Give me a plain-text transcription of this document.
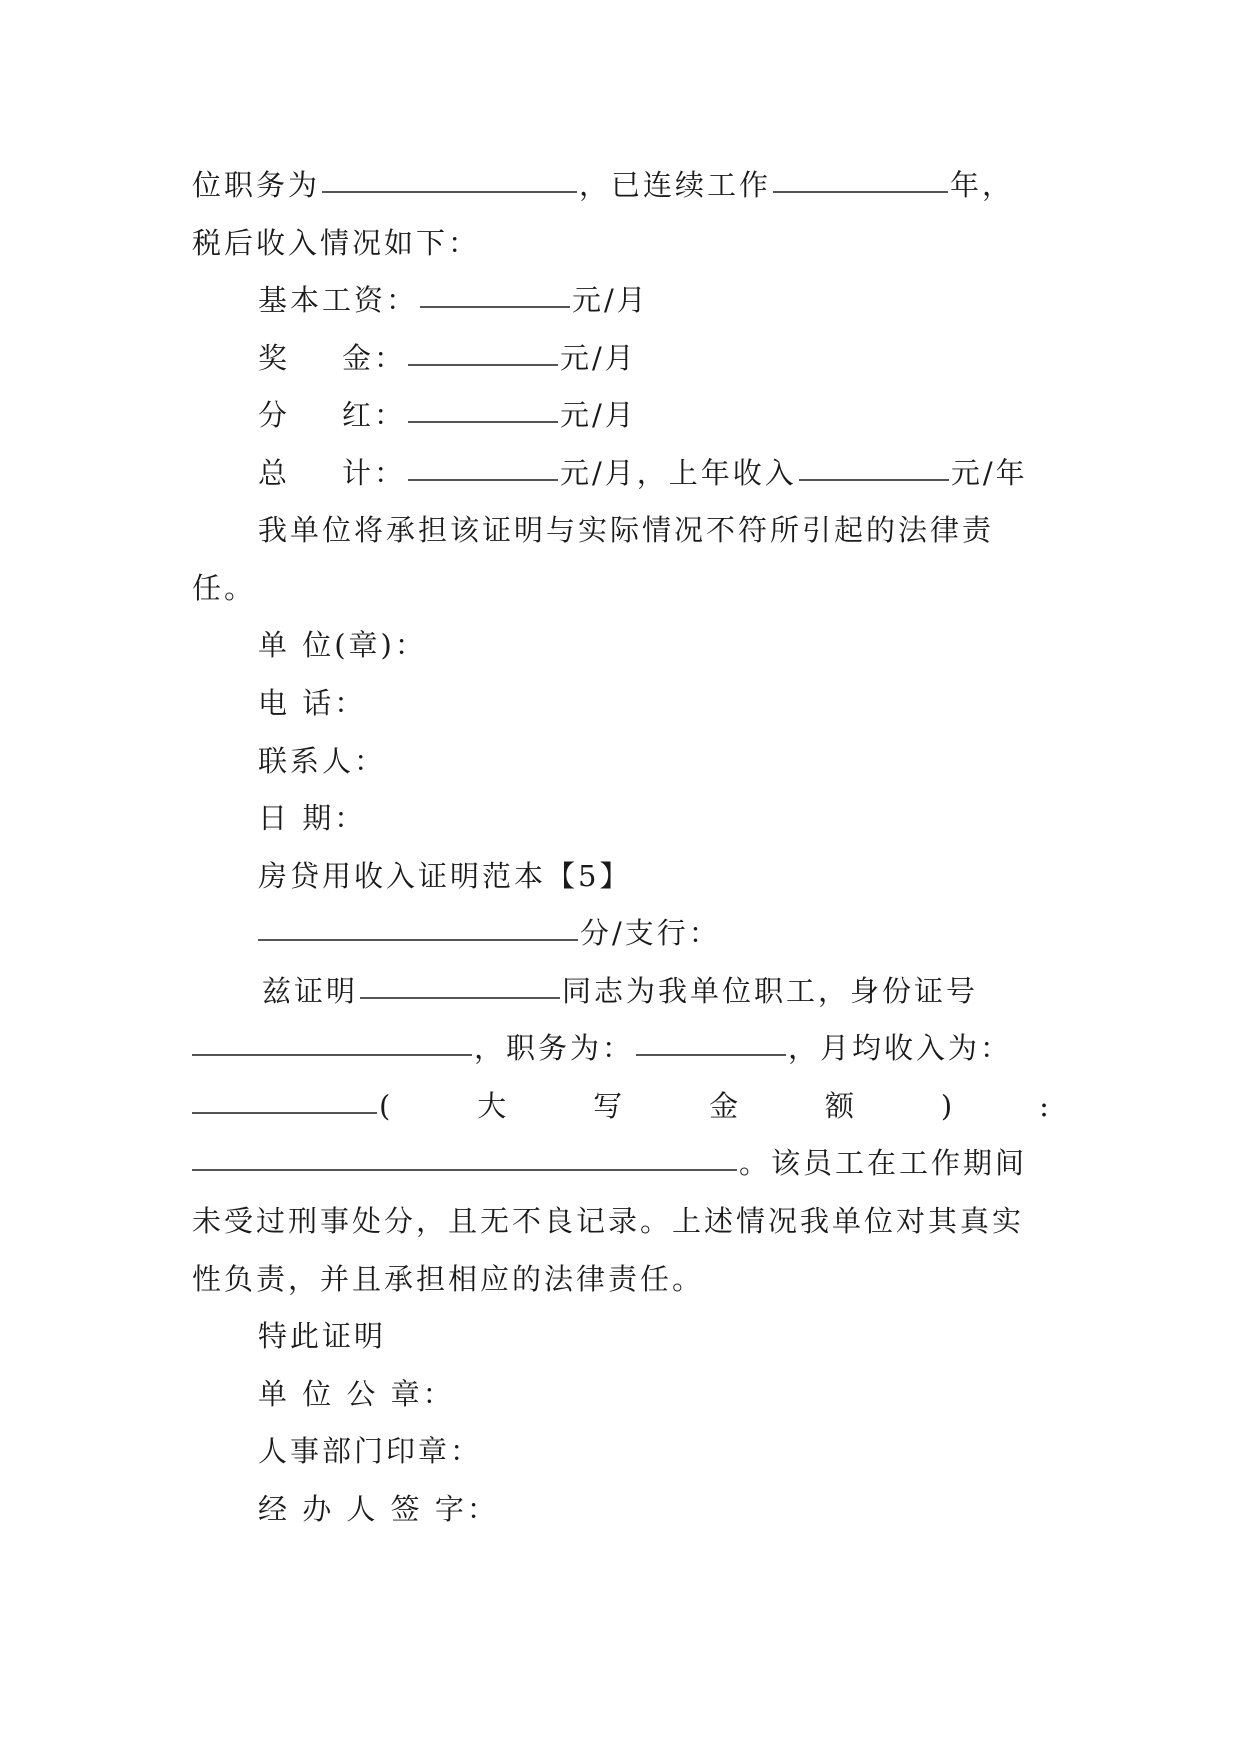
位职务为	，已连续工作	年，

税后收入情况如下：

基本工资：	元/月

奖 金：	元/月

分 红：	元/月

总 计：	元/月，上年收入	元/年

我单位将承担该证明与实际情况不符所引起的法律责

任。

单 位(章)：

电 话：

联系人：

日 期：

房贷用收入证明范本【5】

分/支行：

兹证明	同志为我单位职工，身份证号

，职务为：	，月均收入为：

(	大	写	金	额	)	:

。该员工在工作期间

未受过刑事处分，且无不良记录。上述情况我单位对其真实

性负责，并且承担相应的法律责任。

特此证明

单 位 公 章：

人事部门印章：

经 办 人 签 字：
